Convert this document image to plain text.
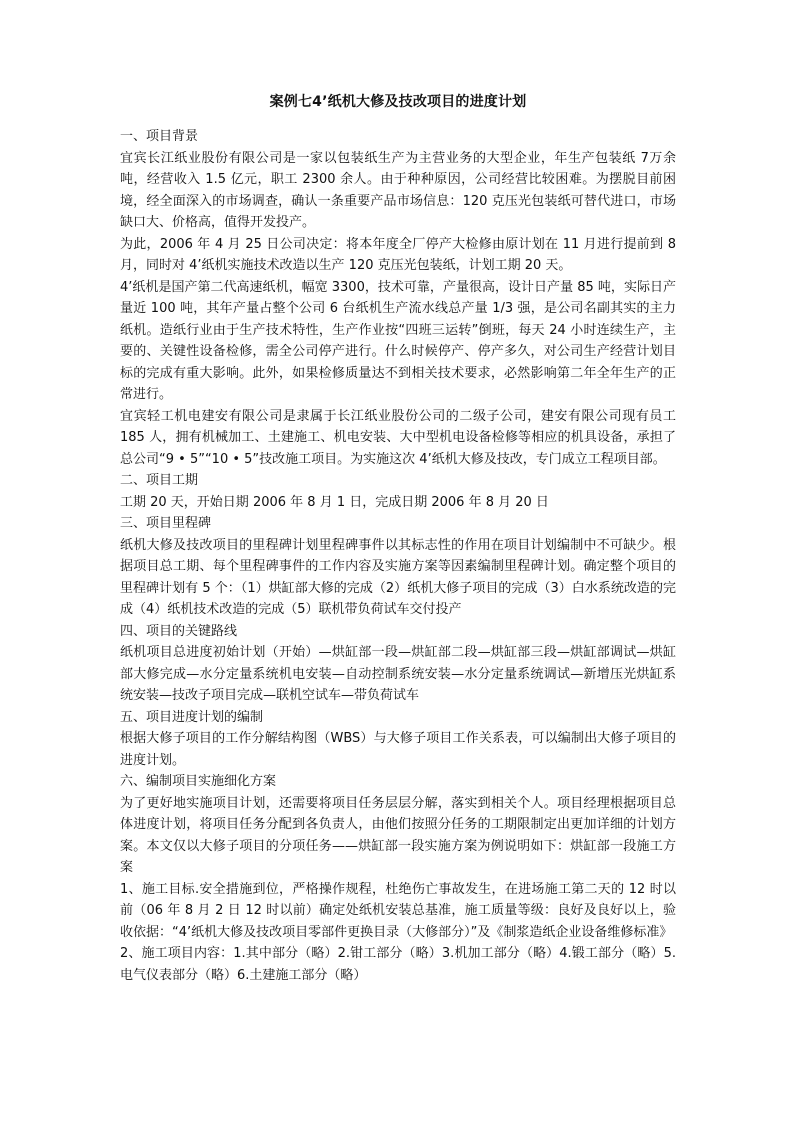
案例七4’纸机大修及技改项目的进度计划

一、项目背景

宜宾长江纸业股份有限公司是一家以包装纸生产为主营业务的大型企业，年生产包装纸 7万余吨，经营收入 1.5 亿元，职工 2300 余人。由于种种原因，公司经营比较困难。为摆脱目前困境，经全面深入的市场调查，确认一条重要产品市场信息：120 克压光包装纸可替代进口，市场缺口大、价格高，值得开发投产。

为此，2006 年 4 月 25 日公司决定：将本年度全厂停产大检修由原计划在 11 月进行提前到 8 月，同时对 4’纸机实施技术改造以生产 120 克压光包装纸，计划工期 20 天。

4’纸机是国产第二代高速纸机，幅宽 3300，技术可靠，产量很高，设计日产量 85 吨，实际日产量近 100 吨，其年产量占整个公司 6 台纸机生产流水线总产量 1/3 强，是公司名副其实的主力纸机。造纸行业由于生产技术特性，生产作业按“四班三运转”倒班，每天 24 小时连续生产，主要的、关键性设备检修，需全公司停产进行。什么时候停产、停产多久，对公司生产经营计划目标的完成有重大影响。此外，如果检修质量达不到相关技术要求，必然影响第二年全年生产的正常进行。

宜宾轻工机电建安有限公司是隶属于长江纸业股份公司的二级子公司，建安有限公司现有员工 185 人，拥有机械加工、土建施工、机电安装、大中型机电设备检修等相应的机具设备，承担了总公司“9 • 5”“10 • 5”技改施工项目。为实施这次 4’纸机大修及技改，专门成立工程项目部。

二、项目工期

工期 20 天，开始日期 2006 年 8 月 1 日，完成日期 2006 年 8 月 20 日

三、项目里程碑

纸机大修及技改项目的里程碑计划里程碑事件以其标志性的作用在项目计划编制中不可缺少。根据项目总工期、每个里程碑事件的工作内容及实施方案等因素编制里程碑计划。确定整个项目的里程碑计划有 5 个：（1）烘缸部大修的完成（2）纸机大修子项目的完成（3）白水系统改造的完成（4）纸机技术改造的完成（5）联机带负荷试车交付投产

四、项目的关键路线

纸机项目总进度初始计划（开始）—烘缸部一段—烘缸部二段—烘缸部三段—烘缸部调试—烘缸部大修完成—水分定量系统机电安装—自动控制系统安装—水分定量系统调试—新增压光烘缸系统安装—技改子项目完成—联机空试车—带负荷试车

五、项目进度计划的编制

根据大修子项目的工作分解结构图（WBS）与大修子项目工作关系表，可以编制出大修子项目的进度计划。

六、编制项目实施细化方案

为了更好地实施项目计划，还需要将项目任务层层分解，落实到相关个人。项目经理根据项目总体进度计划，将项目任务分配到各负责人，由他们按照分任务的工期限制定出更加详细的计划方案。本文仅以大修子项目的分项任务——烘缸部一段实施方案为例说明如下：烘缸部一段施工方案

1、施工目标.安全措施到位，严格操作规程，杜绝伤亡事故发生，在进场施工第二天的 12 时以前（06 年 8 月 2 日 12 时以前）确定处纸机安装总基准，施工质量等级：良好及良好以上，验收依据：“4’纸机大修及技改项目零部件更换目录（大修部分）”及《制浆造纸企业设备维修标准》

2、施工项目内容：1.其中部分（略）2.钳工部分（略）3.机加工部分（略）4.锻工部分（略）5.电气仪表部分（略）6.土建施工部分（略）
